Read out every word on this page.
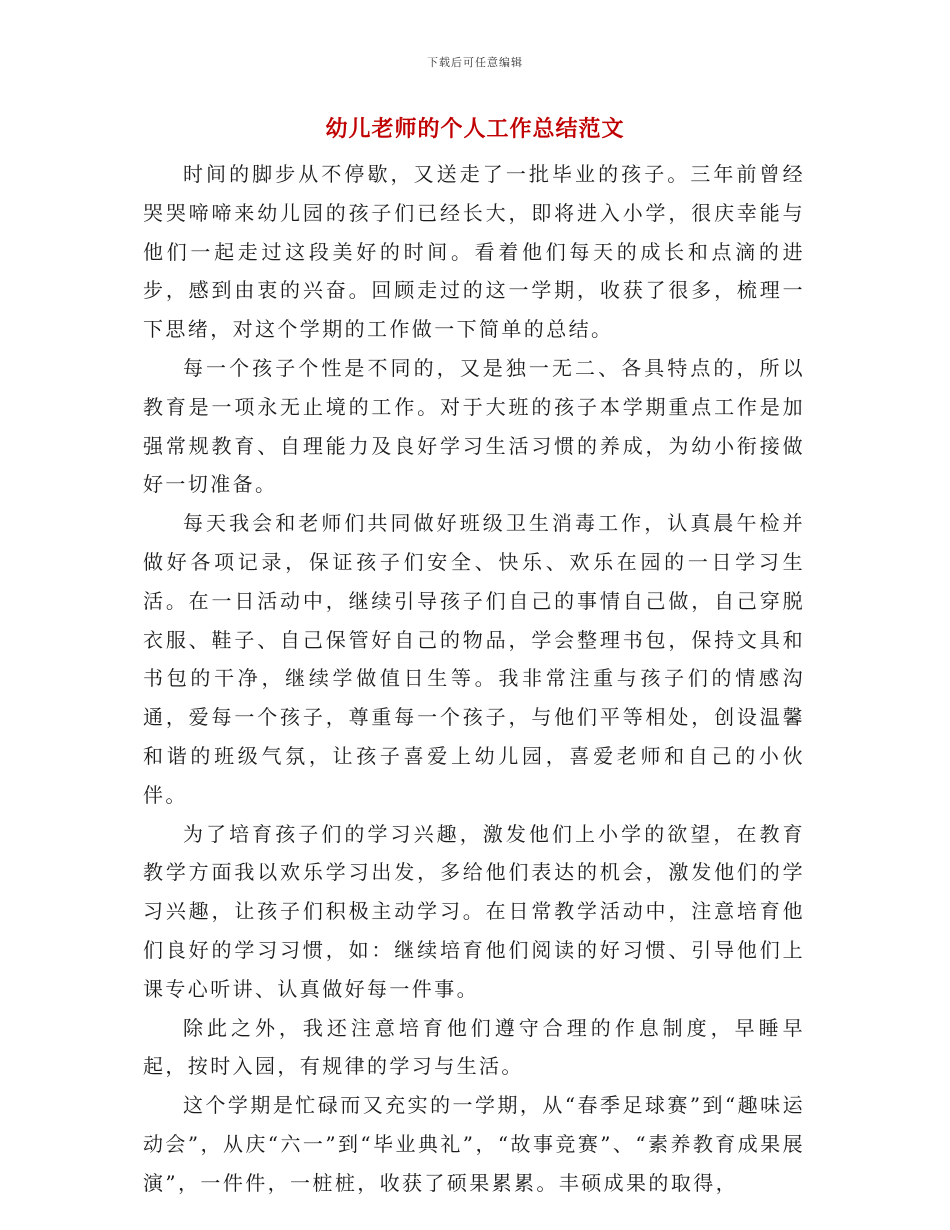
下载后可任意编辑
幼儿老师的个人工作总结范文

时间的脚步从不停歇，又送走了一批毕业的孩子。三年前曾经哭哭啼啼来幼儿园的孩子们已经长大，即将进入小学，很庆幸能与他们一起走过这段美好的时间。看着他们每天的成长和点滴的进步，感到由衷的兴奋。回顾走过的这一学期，收获了很多，梳理一下思绪，对这个学期的工作做一下简单的总结。

每一个孩子个性是不同的，又是独一无二、各具特点的，所以教育是一项永无止境的工作。对于大班的孩子本学期重点工作是加强常规教育、自理能力及良好学习生活习惯的养成，为幼小衔接做好一切准备。

每天我会和老师们共同做好班级卫生消毒工作，认真晨午检并做好各项记录，保证孩子们安全、快乐、欢乐在园的一日学习生活。在一日活动中，继续引导孩子们自己的事情自己做，自己穿脱衣服、鞋子、自己保管好自己的物品，学会整理书包，保持文具和书包的干净，继续学做值日生等。我非常注重与孩子们的情感沟通，爱每一个孩子，尊重每一个孩子，与他们平等相处，创设温馨和谐的班级气氛，让孩子喜爱上幼儿园，喜爱老师和自己的小伙伴。

为了培育孩子们的学习兴趣，激发他们上小学的欲望，在教育教学方面我以欢乐学习出发，多给他们表达的机会，激发他们的学习兴趣，让孩子们积极主动学习。在日常教学活动中，注意培育他们良好的学习习惯，如：继续培育他们阅读的好习惯、引导他们上课专心听讲、认真做好每一件事。

除此之外，我还注意培育他们遵守合理的作息制度，早睡早起，按时入园，有规律的学习与生活。

这个学期是忙碌而又充实的一学期，从“春季足球赛”到“趣味运动会”，从庆“六一”到“毕业典礼”，“故事竞赛”、“素养教育成果展演”，一件件，一桩桩，收获了硕果累累。丰硕成果的取得，
